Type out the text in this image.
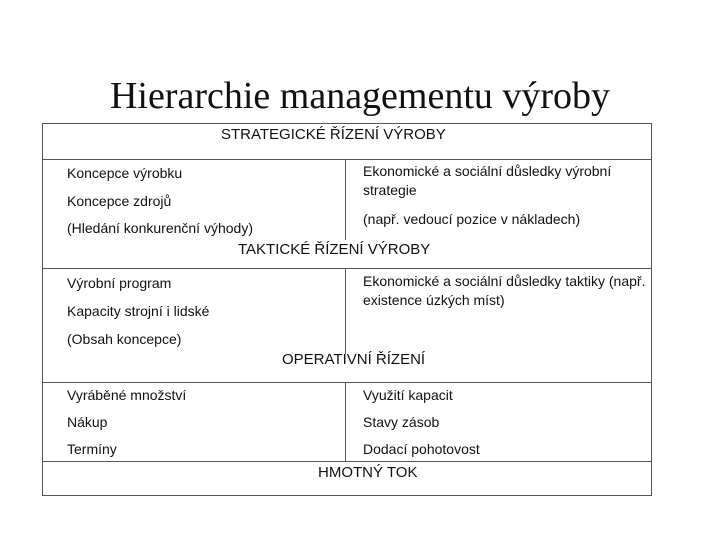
Hierarchie managementu výroby
STRATEGICKÉ ŘÍZENÍ VÝROBY
Koncepce výrobku
Koncepce zdrojů
(Hledání konkurenční výhody)
Ekonomické a sociální důsledky výrobní strategie
(např. vedoucí pozice v nákladech)
TAKTICKÉ ŘÍZENÍ VÝROBY
Výrobní program
Kapacity strojní i lidské
(Obsah koncepce)
Ekonomické a sociální důsledky taktiky (např. existence úzkých míst)
OPERATIVNÍ ŘÍZENÍ
Vyráběné množství
Nákup
Termíny
Využití kapacit
Stavy zásob
Dodací pohotovost
HMOTNÝ TOK
